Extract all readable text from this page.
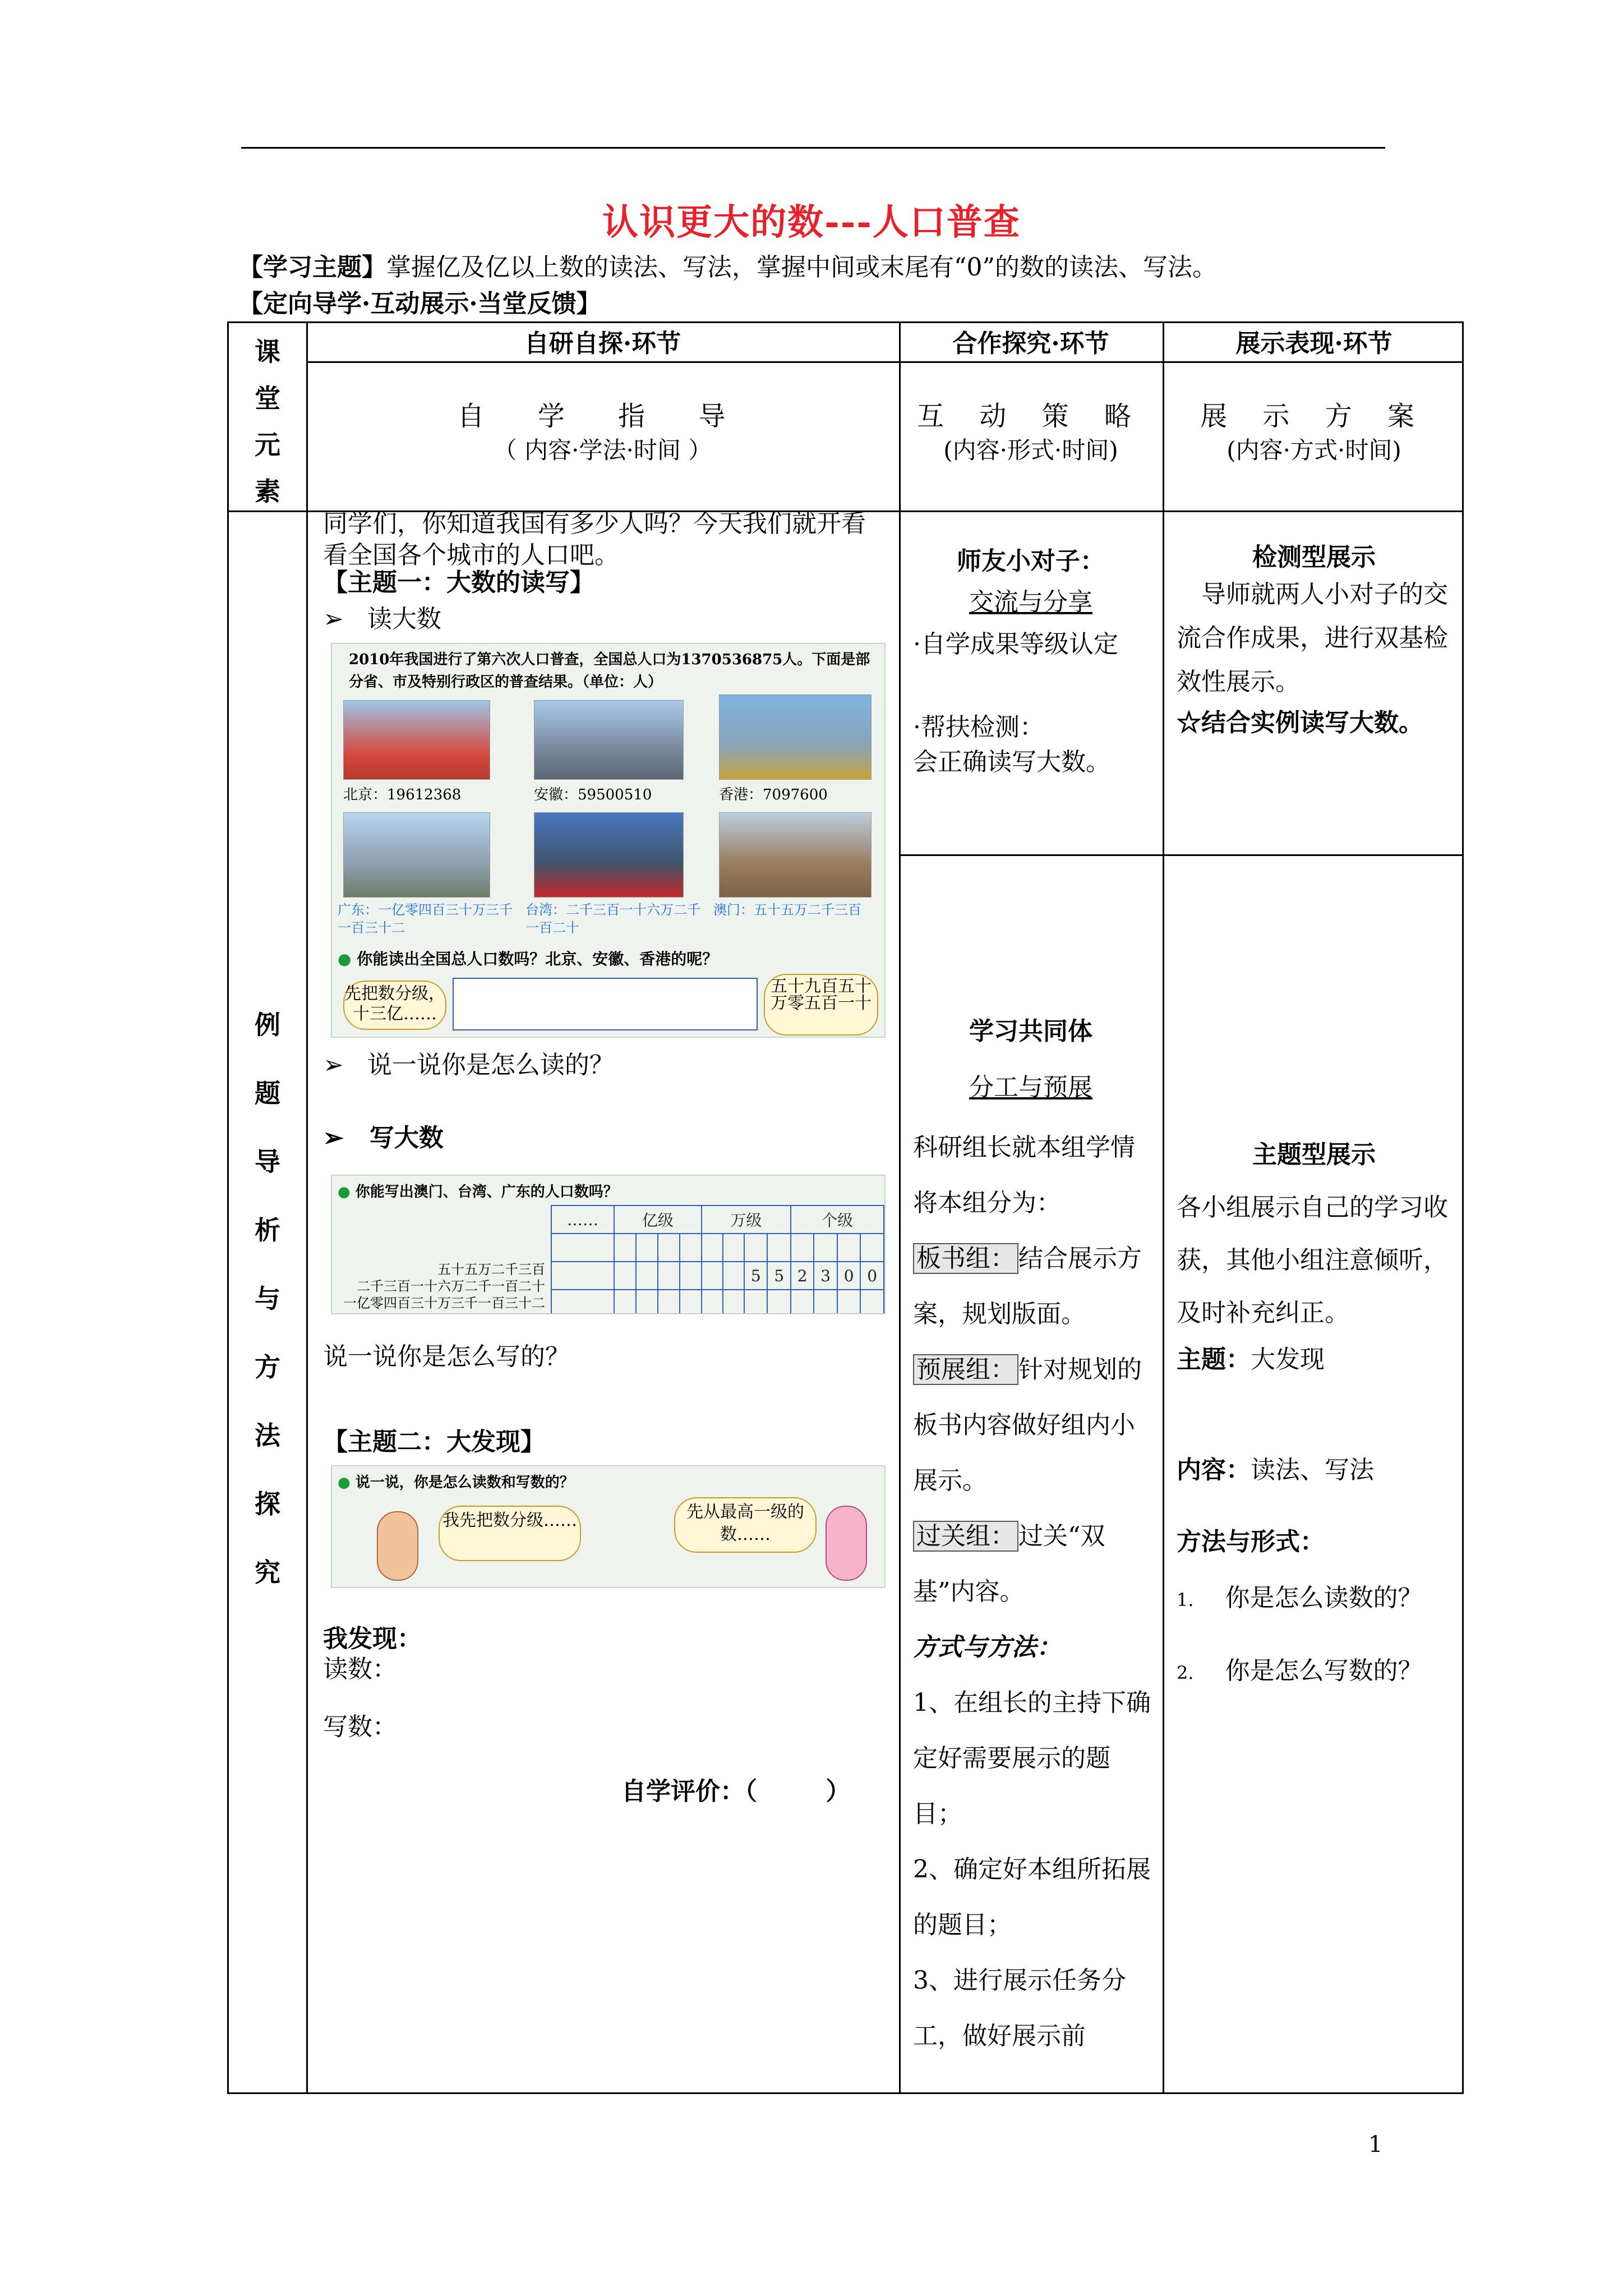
认识更大的数---人口普查
【学习主题】掌握亿及亿以上数的读法、写法，掌握中间或末尾有“0”的数的读法、写法。
【定向导学·互动展示·当堂反馈】
课
堂
元
素
自研自探·环节	合作探究·环节	展示表现·环节
自 学 指 导
（ 内容·学法·时间 ）
互 动 策 略
(内容·形式·时间)
展 示 方 案
(内容·方式·时间)
例
题
导
析
与
方
法
探
究
同学们，你知道我国有多少人吗？今天我们就开看看全国各个城市的人口吧。
【主题一：大数的读写】
➢   读大数
2010年我国进行了第六次人口普查，全国总人口为1370536875人。下面是部分省、市及特别行政区的普查结果。（单位：人）
北京：19612368	安徽：59500510	香港：7097600
广东：一亿零四百三十万三千一百三十二
台湾：二千三百一十六万二千一百二十
澳门：五十五万二千三百
● 你能读出全国总人口数吗？北京、安徽、香港的呢？
先把数分级，十三亿……
五十九百五十万零五百一十
➢   说一说你是怎么读的？
➢   写大数
● 你能写出澳门、台湾、广东的人口数吗？
……	亿级				万级				个级			

							5	5	2	3	0	0

五十五万二千三百
二千三百一十六万二千一百二十
一亿零四百三十万三千一百三十二
说一说你是怎么写的？
【主题二：大发现】
● 说一说，你是怎么读数和写数的？
我先把数分级……	先从最高一级的数……
我发现：
读数：
写数：
自学评价：（        ）
师友小对子：
交流与分享
·自学成果等级认定
·帮扶检测：
会正确读写大数。
学习共同体
分工与预展
科研组长就本组学情将本组分为：
板书组： 结合展示方案，规划版面。
预展组： 针对规划的板书内容做好组内小展示。
过关组： 过关“双基”内容。
方式与方法：
1、在组长的主持下确定好需要展示的题目；
2、确定好本组所拓展的题目；
3、进行展示任务分工，做好展示前
检测型展示
导师就两人小对子的交流合作成果，进行双基检效性展示。
☆结合实例读写大数。
主题型展示
各小组展示自己的学习收获，其他小组注意倾听，及时补充纠正。
主题：大发现
内容：读法、写法
方法与形式：
1. 你是怎么读数的？
2. 你是怎么写数的？
1
